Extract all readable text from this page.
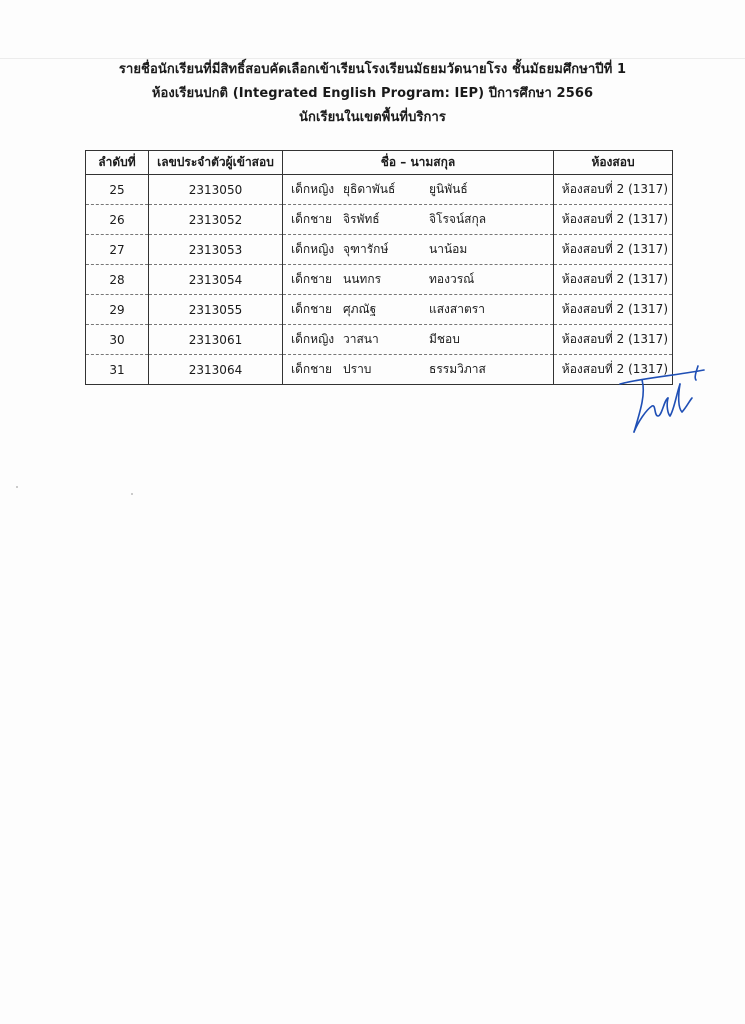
รายชื่อนักเรียนที่มีสิทธิ์สอบคัดเลือกเข้าเรียนโรงเรียนมัธยมวัดนายโรง ชั้นมัธยมศึกษาปีที่ 1
ห้องเรียนปกติ (Integrated English Program: IEP) ปีการศึกษา 2566
นักเรียนในเขตพื้นที่บริการ
ลำดับที่	เลขประจำตัวผู้เข้าสอบ	ชื่อ – นามสกุล	ห้องสอบ
25	2313050	เด็กหญิง ยุธิดาพันธ์ ยูนิพันธ์	ห้องสอบที่ 2 (1317)
26	2313052	เด็กชาย จิรพัทธ์ จิโรจน์สกุล	ห้องสอบที่ 2 (1317)
27	2313053	เด็กหญิง จุฑารักษ์ นาน้อม	ห้องสอบที่ 2 (1317)
28	2313054	เด็กชาย นนทกร ทองวรณ์	ห้องสอบที่ 2 (1317)
29	2313055	เด็กชาย ศุภณัฐ แสงสาตรา	ห้องสอบที่ 2 (1317)
30	2313061	เด็กหญิง วาสนา มีชอบ	ห้องสอบที่ 2 (1317)
31	2313064	เด็กชาย ปราบ ธรรมวิภาส	ห้องสอบที่ 2 (1317)
